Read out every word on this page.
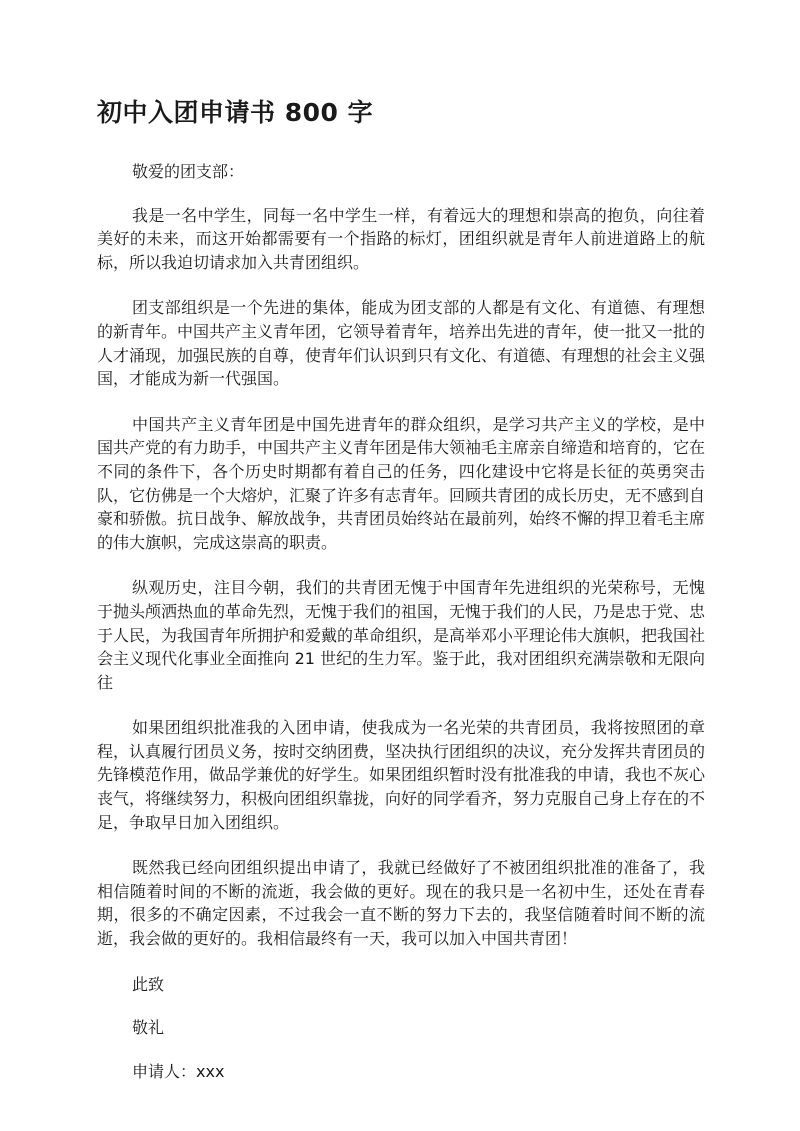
初中入团申请书 800 字

敬爱的团支部：

我是一名中学生，同每一名中学生一样，有着远大的理想和崇高的抱负，向往着美好的未来，而这开始都需要有一个指路的标灯，团组织就是青年人前进道路上的航标，所以我迫切请求加入共青团组织。

团支部组织是一个先进的集体，能成为团支部的人都是有文化、有道德、有理想的新青年。中国共产主义青年团，它领导着青年，培养出先进的青年，使一批又一批的人才涌现，加强民族的自尊，使青年们认识到只有文化、有道德、有理想的社会主义强国，才能成为新一代强国。

中国共产主义青年团是中国先进青年的群众组织，是学习共产主义的学校，是中国共产党的有力助手，中国共产主义青年团是伟大领袖毛主席亲自缔造和培育的，它在不同的条件下，各个历史时期都有着自己的任务，四化建设中它将是长征的英勇突击队，它仿佛是一个大熔炉，汇聚了许多有志青年。回顾共青团的成长历史，无不感到自豪和骄傲。抗日战争、解放战争，共青团员始终站在最前列，始终不懈的捍卫着毛主席的伟大旗帜，完成这崇高的职责。

纵观历史，注目今朝，我们的共青团无愧于中国青年先进组织的光荣称号，无愧于抛头颅洒热血的革命先烈，无愧于我们的祖国，无愧于我们的人民，乃是忠于党、忠于人民，为我国青年所拥护和爱戴的革命组织，是高举邓小平理论伟大旗帜，把我国社会主义现代化事业全面推向 21 世纪的生力军。鉴于此，我对团组织充满崇敬和无限向往

如果团组织批准我的入团申请，使我成为一名光荣的共青团员，我将按照团的章程，认真履行团员义务，按时交纳团费，坚决执行团组织的决议，充分发挥共青团员的先锋模范作用，做品学兼优的好学生。如果团组织暂时没有批准我的申请，我也不灰心丧气，将继续努力，积极向团组织靠拢，向好的同学看齐，努力克服自己身上存在的不足，争取早日加入团组织。

既然我已经向团组织提出申请了，我就已经做好了不被团组织批准的准备了，我相信随着时间的不断的流逝，我会做的更好。现在的我只是一名初中生，还处在青春期，很多的不确定因素，不过我会一直不断的努力下去的，我坚信随着时间不断的流逝，我会做的更好的。我相信最终有一天，我可以加入中国共青团！

此致

敬礼

申请人：xxx
